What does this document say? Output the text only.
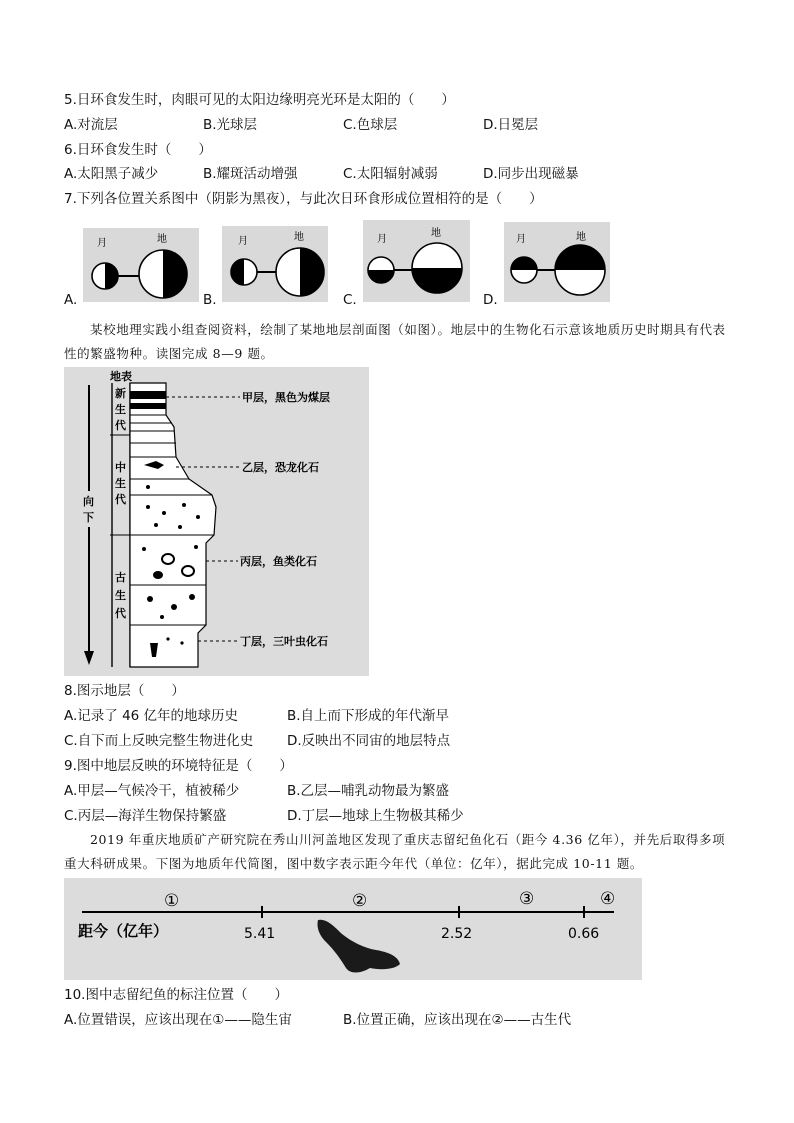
5.日环食发生时，肉眼可见的太阳边缘明亮光环是太阳的（　　）
A.对流层	B.光球层	C.色球层	D.日冕层
6.日环食发生时（　　）
A.太阳黑子减少	B.耀斑活动增强	C.太阳辐射减弱	D.同步出现磁暴
7.下列各位置关系图中（阴影为黑夜），与此次日环食形成位置相符的是（　　）
A.
月	地
B.
月	地
C.
月
地
D.
月	地
某校地理实践小组查阅资料，绘制了某地地层剖面图（如图）。地层中的生物化石示意该地质历史时期具有代表性的繁盛物种。读图完成 8—9 题。
地表
新生代
中生代
古生代
向下
甲层，黑色为煤层
乙层，恐龙化石
丙层，鱼类化石
丁层，三叶虫化石
8.图示地层（　　）
A.记录了 46 亿年的地球历史	B.自上而下形成的年代渐早
C.自下而上反映完整生物进化史	D.反映出不同宙的地层特点
9.图中地层反映的环境特征是（　　）
A.甲层—气候冷干，植被稀少	B.乙层—哺乳动物最为繁盛
C.丙层—海洋生物保持繁盛	D.丁层—地球上生物极其稀少
2019 年重庆地质矿产研究院在秀山川河盖地区发现了重庆志留纪鱼化石（距今 4.36 亿年），并先后取得多项重大科研成果。下图为地质年代简图，图中数字表示距今年代（单位：亿年），据此完成 10-11 题。
①	②	③	④
距今（亿年）	5.41	2.52	0.66
10.图中志留纪鱼的标注位置（　　）
A.位置错误，应该出现在①——隐生宙	B.位置正确，应该出现在②——古生代
